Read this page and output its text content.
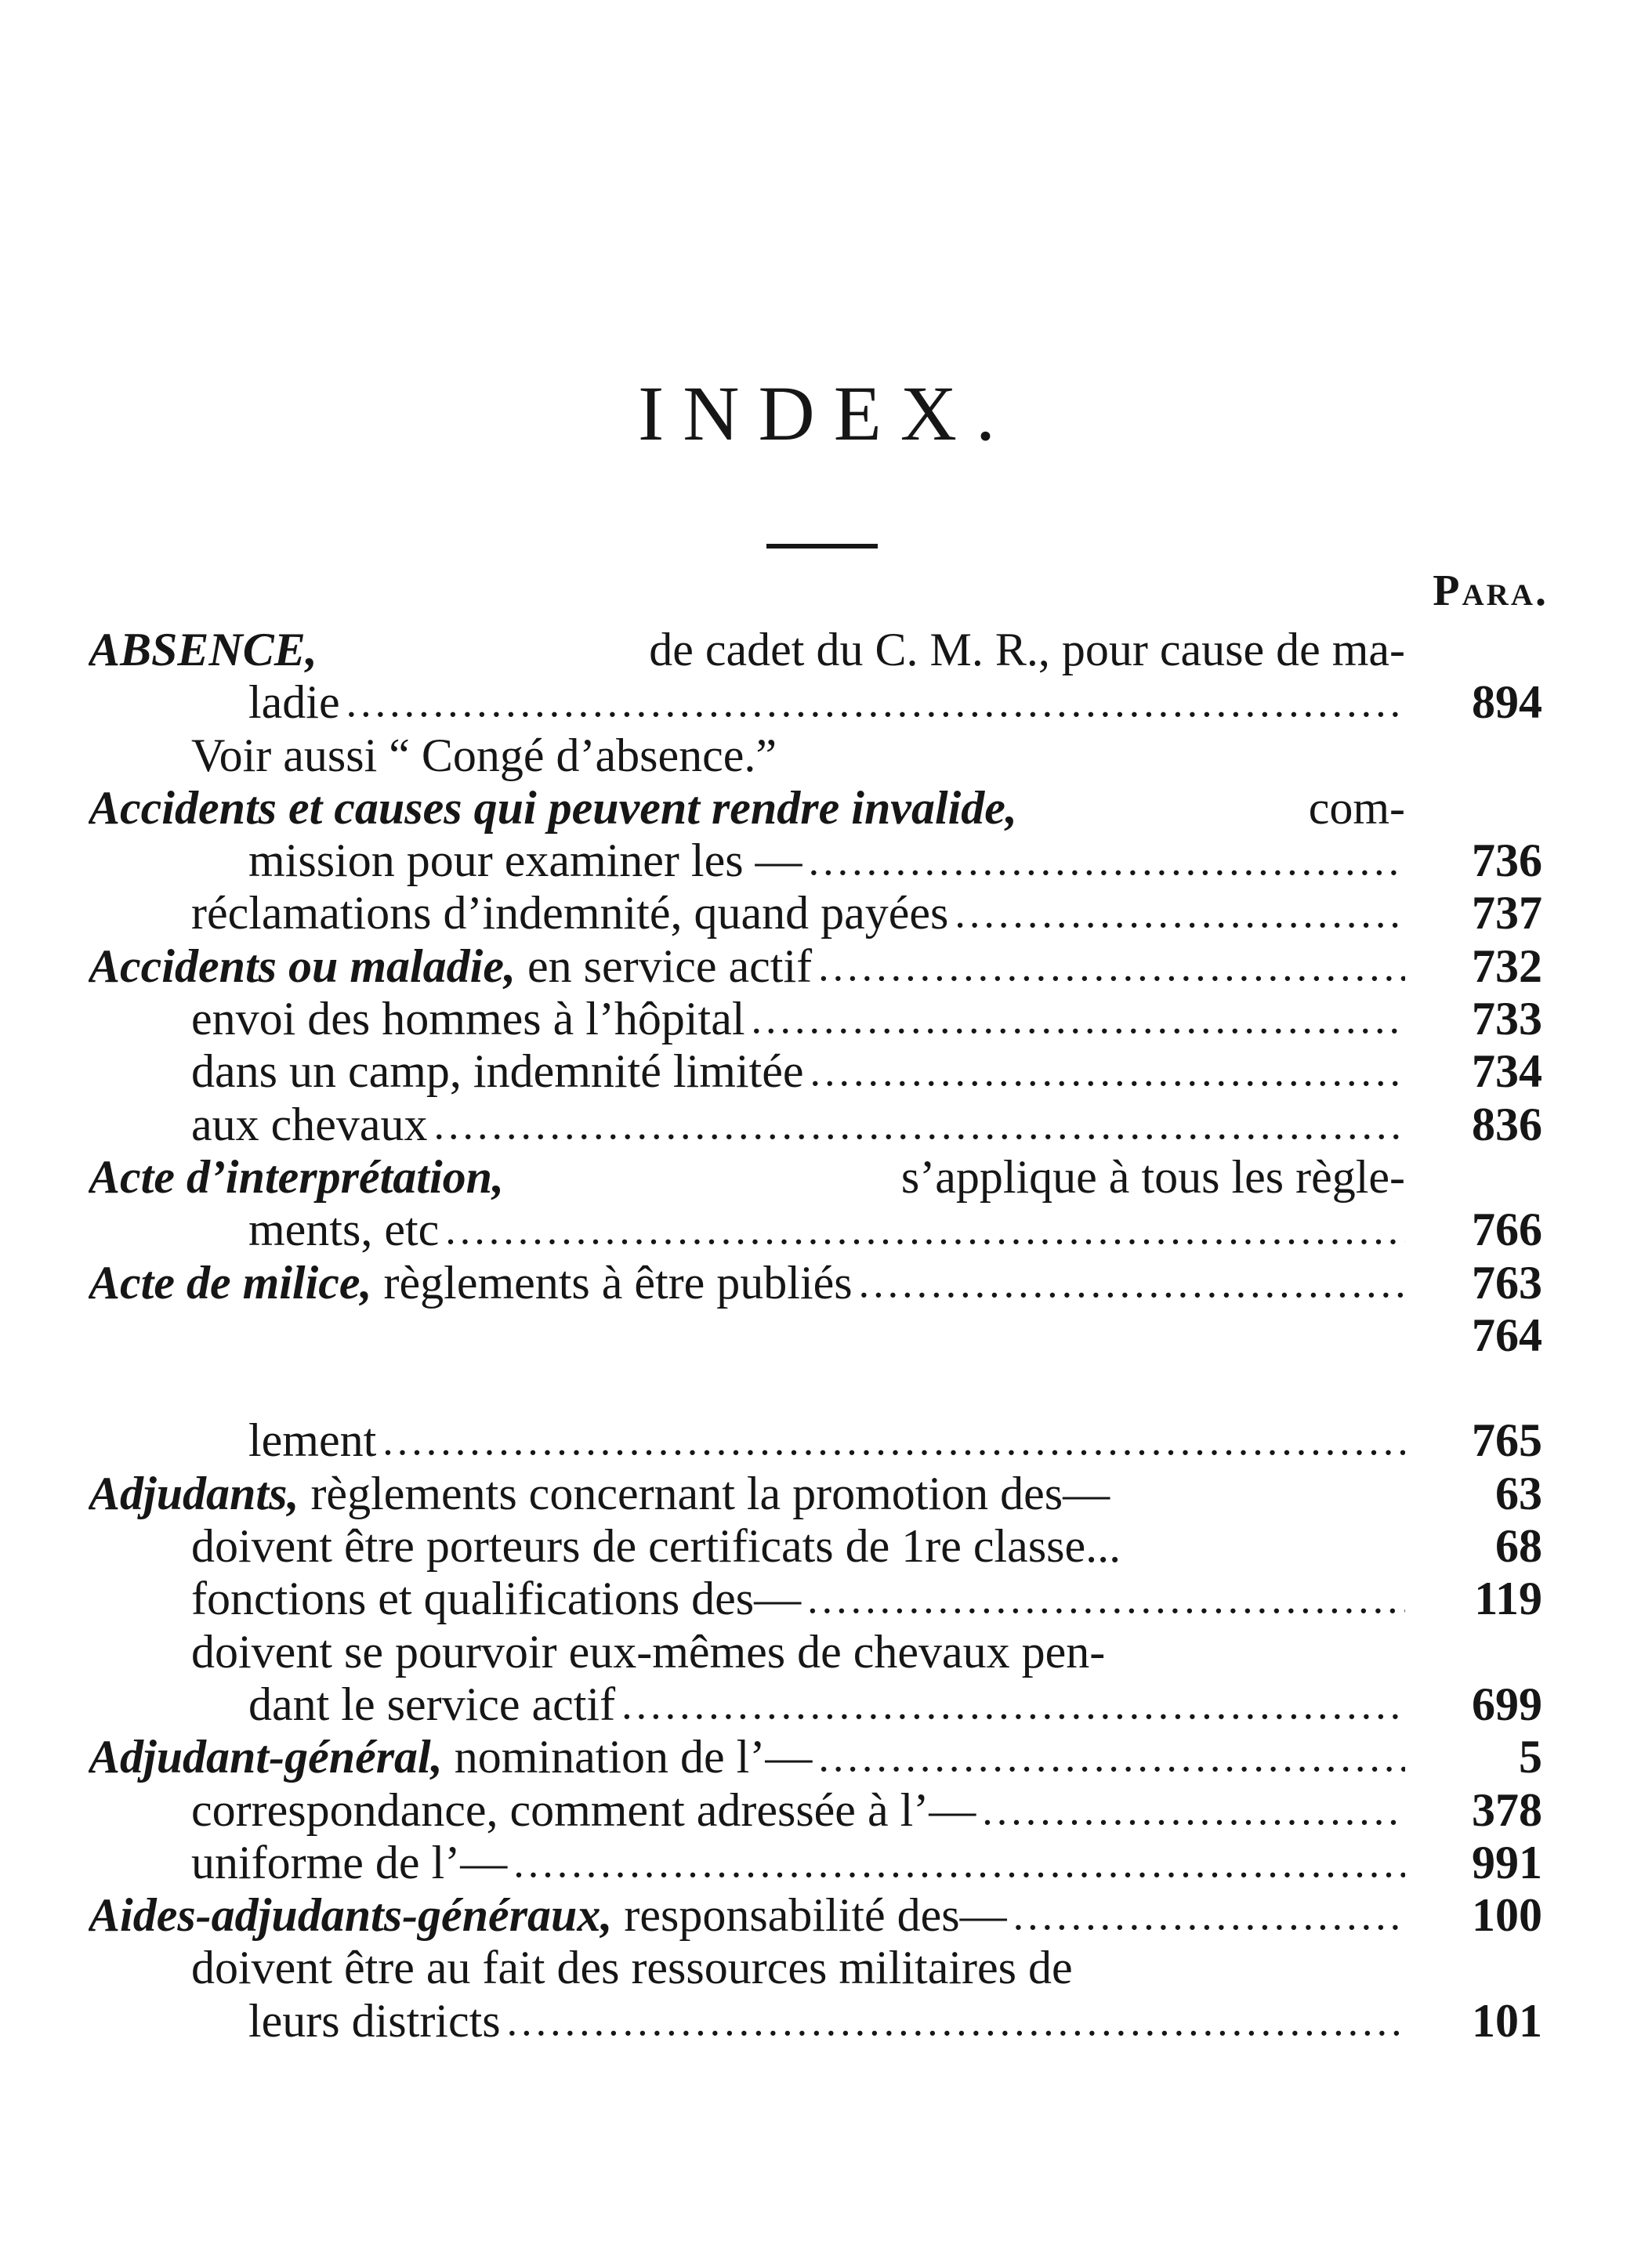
INDEX.
Para.
ABSENCE,	de cadet du C. M. R., pour cause de ma-
ladie .....	894
Voir aussi “ Congé d’absence.”
Accidents et causes qui peuvent rendre invalide,	com-
mission pour examiner les — .....	736
réclamations d’indemnité, quand payées .....	737
Accidents ou maladie,
en service actif .....	732
envoi des hommes à l’hôpital .....	733
dans un camp, indemnité limitée .....	734
aux chevaux .....	836
Acte d’interprétation,	s’applique à tous les règle-
ments, etc .....	766
Acte de milice,
règlements à être publiés .....	763
764
lement .....	765
Adjudants,
règlements concernant la promotion des—	63
doivent être porteurs de certificats de 1re classe...	68
fonctions et qualifications des— .....	119
doivent se pourvoir eux-mêmes de chevaux pen-
dant le service actif .....	699
Adjudant-général,
nomination de l’— .....	5
correspondance, comment adressée à l’— .....	378
uniforme de l’— .....	991
Aides-adjudants-généraux,
responsabilité des— .....	100
doivent être au fait des ressources militaires de
leurs districts .....	101
